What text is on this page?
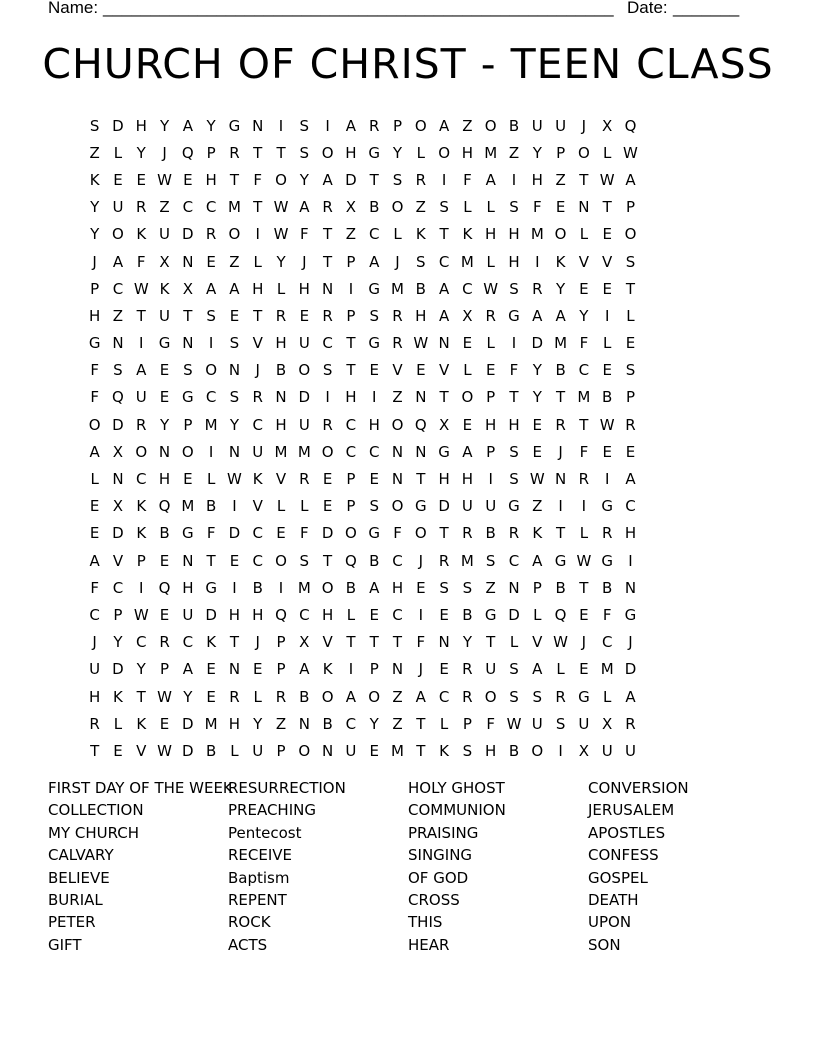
Name: ______________________________________________________ Date: _______
CHURCH OF CHRIST - TEEN CLASS
S D H Y A Y G N	I	S	I	A R P O A Z O B U U	J	X Q
Z L Y	J	Q P R T T S O H G Y L O H M Z Y P O L W
K E E W E H T F O Y A D T S R	I	F A	I	H Z T W A
Y U R Z C C M T W A R X B O Z S L L S F E N T P
Y O K U D R O	I W F T Z C L K T K H H M O L E O
J	A F X N E Z L Y	J	T P A	J	S C M L H	I	K V V S
P C W K X A A H L H N	I	G M B A C W S R Y E E T
H Z T U T S E T R E R P S R H A X R G A A Y	I	L
G N	I	G N	I	S V H U C T G R W N E L	I	D M F L E
F S A E S O N	J	B O S T E V E V L E F Y B C E S
F Q U E G C S R N D	I	H	I	Z N T O P T Y T M B P
O D R Y P M Y C H U R C H O Q X E H H E R T W R
A X O N O	I	N U M M O C C N N G A P S E	J	F E E
L N C H E L W K V R E P E N T H H	I	S W N R	I	A
E X K Q M B	I	V L L E P S O G D U U G Z	I	I	G C
E D K B G F D C E F D O G F O T R B R K T L R H
A V P E N T E C O S T Q B C	J	R M S C A G W G	I
F C	I	Q H G	I	B	I M O B A H E S S Z N P B T B N
C P W E U D H H Q C H L E C	I	E B G D L Q E F G
J	Y C R C K T	J	P X V T T T F N Y T L V W J	C	J
U D Y P A E N E P A K	I	P N	J	E R U S A L E M D
H K T W Y E R L R B O A O Z A C R O S S R G L A
R L K E D M H Y Z N B C Y Z T L P F W U S U X R
T E V W D B L U P O N U E M T K S H B O	I	X U U
FIRST DAY OF THE WEEK
COLLECTION
MY CHURCH
CALVARY
BELIEVE
BURIAL
PETER
GIFT
RESURRECTION
PREACHING
Pentecost
RECEIVE
Baptism
REPENT
ROCK
ACTS
HOLY GHOST
COMMUNION
PRAISING
SINGING
OF GOD
CROSS
THIS
HEAR
CONVERSION
JERUSALEM
APOSTLES
CONFESS
GOSPEL
DEATH
UPON
SON
